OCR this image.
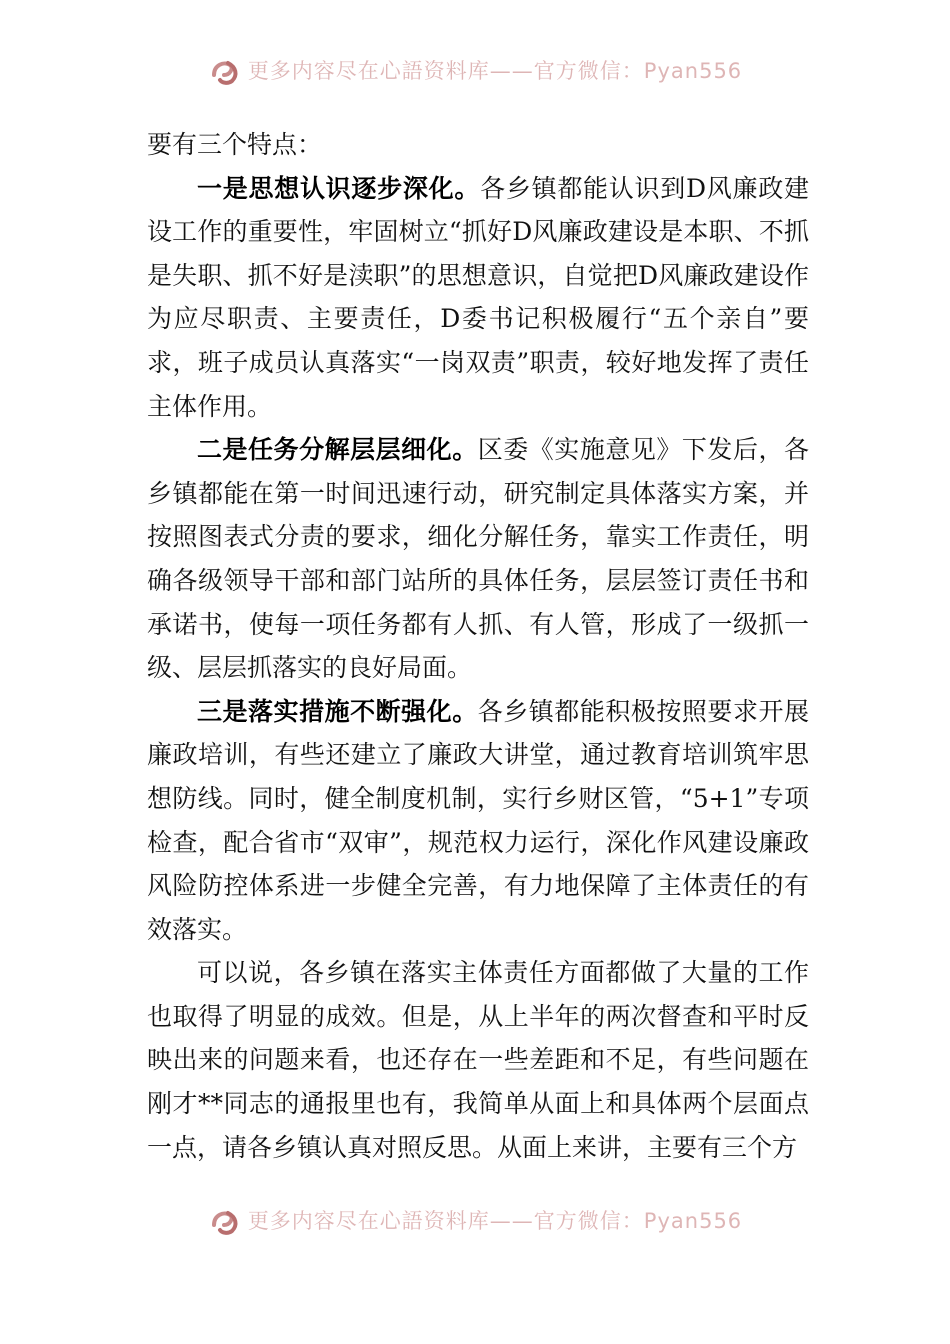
更多内容尽在心語资料库——官方微信：Pyan556

要有三个特点：

一是思想认识逐步深化。各乡镇都能认识到D风廉政建设工作的重要性，牢固树立“抓好D风廉政建设是本职、不抓是失职、抓不好是渎职”的思想意识，自觉把D风廉政建设作为应尽职责、主要责任，D委书记积极履行“五个亲自”要求，班子成员认真落实“一岗双责”职责，较好地发挥了责任主体作用。

二是任务分解层层细化。区委《实施意见》下发后，各乡镇都能在第一时间迅速行动，研究制定具体落实方案，并按照图表式分责的要求，细化分解任务，靠实工作责任，明确各级领导干部和部门站所的具体任务，层层签订责任书和承诺书，使每一项任务都有人抓、有人管，形成了一级抓一级、层层抓落实的良好局面。

三是落实措施不断强化。各乡镇都能积极按照要求开展廉政培训，有些还建立了廉政大讲堂，通过教育培训筑牢思想防线。同时，健全制度机制，实行乡财区管，“5+1”专项检查，配合省市“双审”，规范权力运行，深化作风建设廉政风险防控体系进一步健全完善，有力地保障了主体责任的有效落实。

可以说，各乡镇在落实主体责任方面都做了大量的工作也取得了明显的成效。但是，从上半年的两次督查和平时反映出来的问题来看，也还存在一些差距和不足，有些问题在刚才**同志的通报里也有，我简单从面上和具体两个层面点一点，请各乡镇认真对照反思。从面上来讲，主要有三个方

更多内容尽在心語资料库——官方微信：Pyan556
